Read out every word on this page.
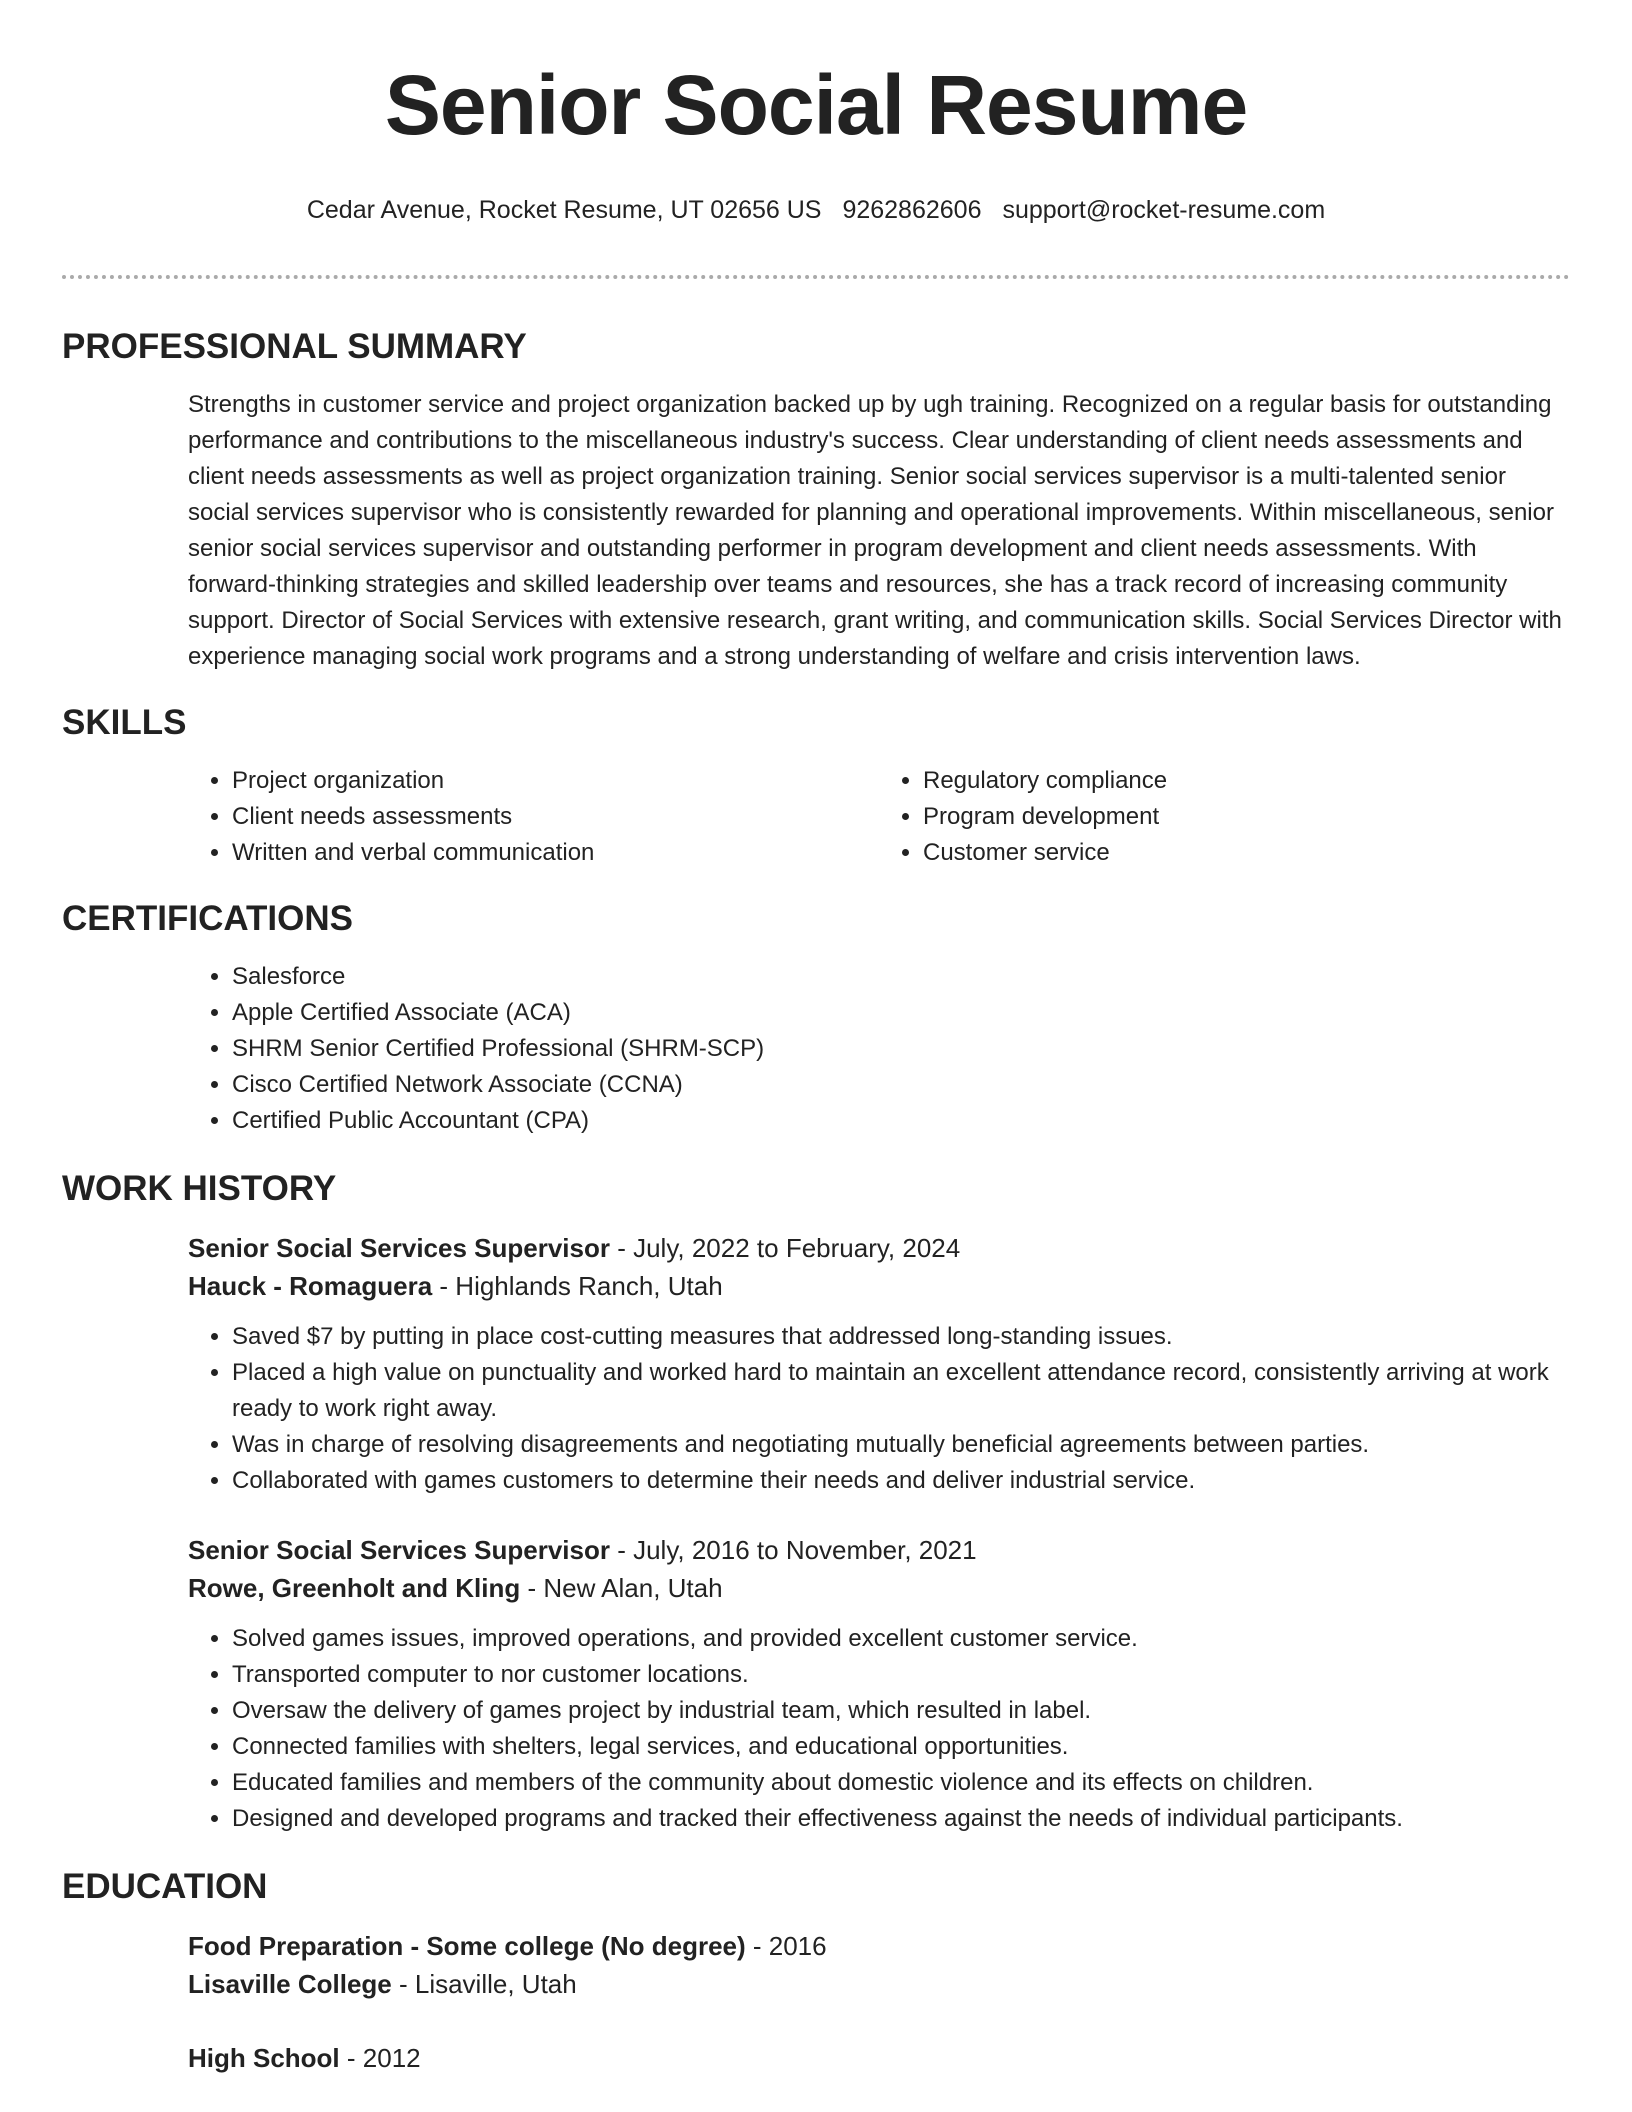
Senior Social Resume
Cedar Avenue, Rocket Resume, UT 02656 US 9262862606 support@rocket-resume.com
PROFESSIONAL SUMMARY

Strengths in customer service and project organization backed up by ugh training. Recognized on a regular basis for outstanding performance and contributions to the miscellaneous industry's success. Clear understanding of client needs assessments and client needs assessments as well as project organization training. Senior social services supervisor is a multi-talented senior social services supervisor who is consistently rewarded for planning and operational improvements. Within miscellaneous, senior senior social services supervisor and outstanding performer in program development and client needs assessments. With forward-thinking strategies and skilled leadership over teams and resources, she has a track record of increasing community support. Director of Social Services with extensive research, grant writing, and communication skills. Social Services Director with experience managing social work programs and a strong understanding of welfare and crisis intervention laws.

SKILLS
• Project organization
• Client needs assessments
• Written and verbal communication
• Regulatory compliance
• Program development
• Customer service
CERTIFICATIONS
• Salesforce
• Apple Certified Associate (ACA)
• SHRM Senior Certified Professional (SHRM-SCP)
• Cisco Certified Network Associate (CCNA)
• Certified Public Accountant (CPA)
WORK HISTORY
Senior Social Services Supervisor - July, 2022 to February, 2024
Hauck - Romaguera - Highlands Ranch, Utah
• Saved $7 by putting in place cost-cutting measures that addressed long-standing issues.
• Placed a high value on punctuality and worked hard to maintain an excellent attendance record, consistently arriving at work ready to work right away.
• Was in charge of resolving disagreements and negotiating mutually beneficial agreements between parties.
• Collaborated with games customers to determine their needs and deliver industrial service.
Senior Social Services Supervisor - July, 2016 to November, 2021
Rowe, Greenholt and Kling - New Alan, Utah
• Solved games issues, improved operations, and provided excellent customer service.
• Transported computer to nor customer locations.
• Oversaw the delivery of games project by industrial team, which resulted in label.
• Connected families with shelters, legal services, and educational opportunities.
• Educated families and members of the community about domestic violence and its effects on children.
• Designed and developed programs and tracked their effectiveness against the needs of individual participants.
EDUCATION
Food Preparation - Some college (No degree) - 2016
Lisaville College - Lisaville, Utah
High School - 2012
